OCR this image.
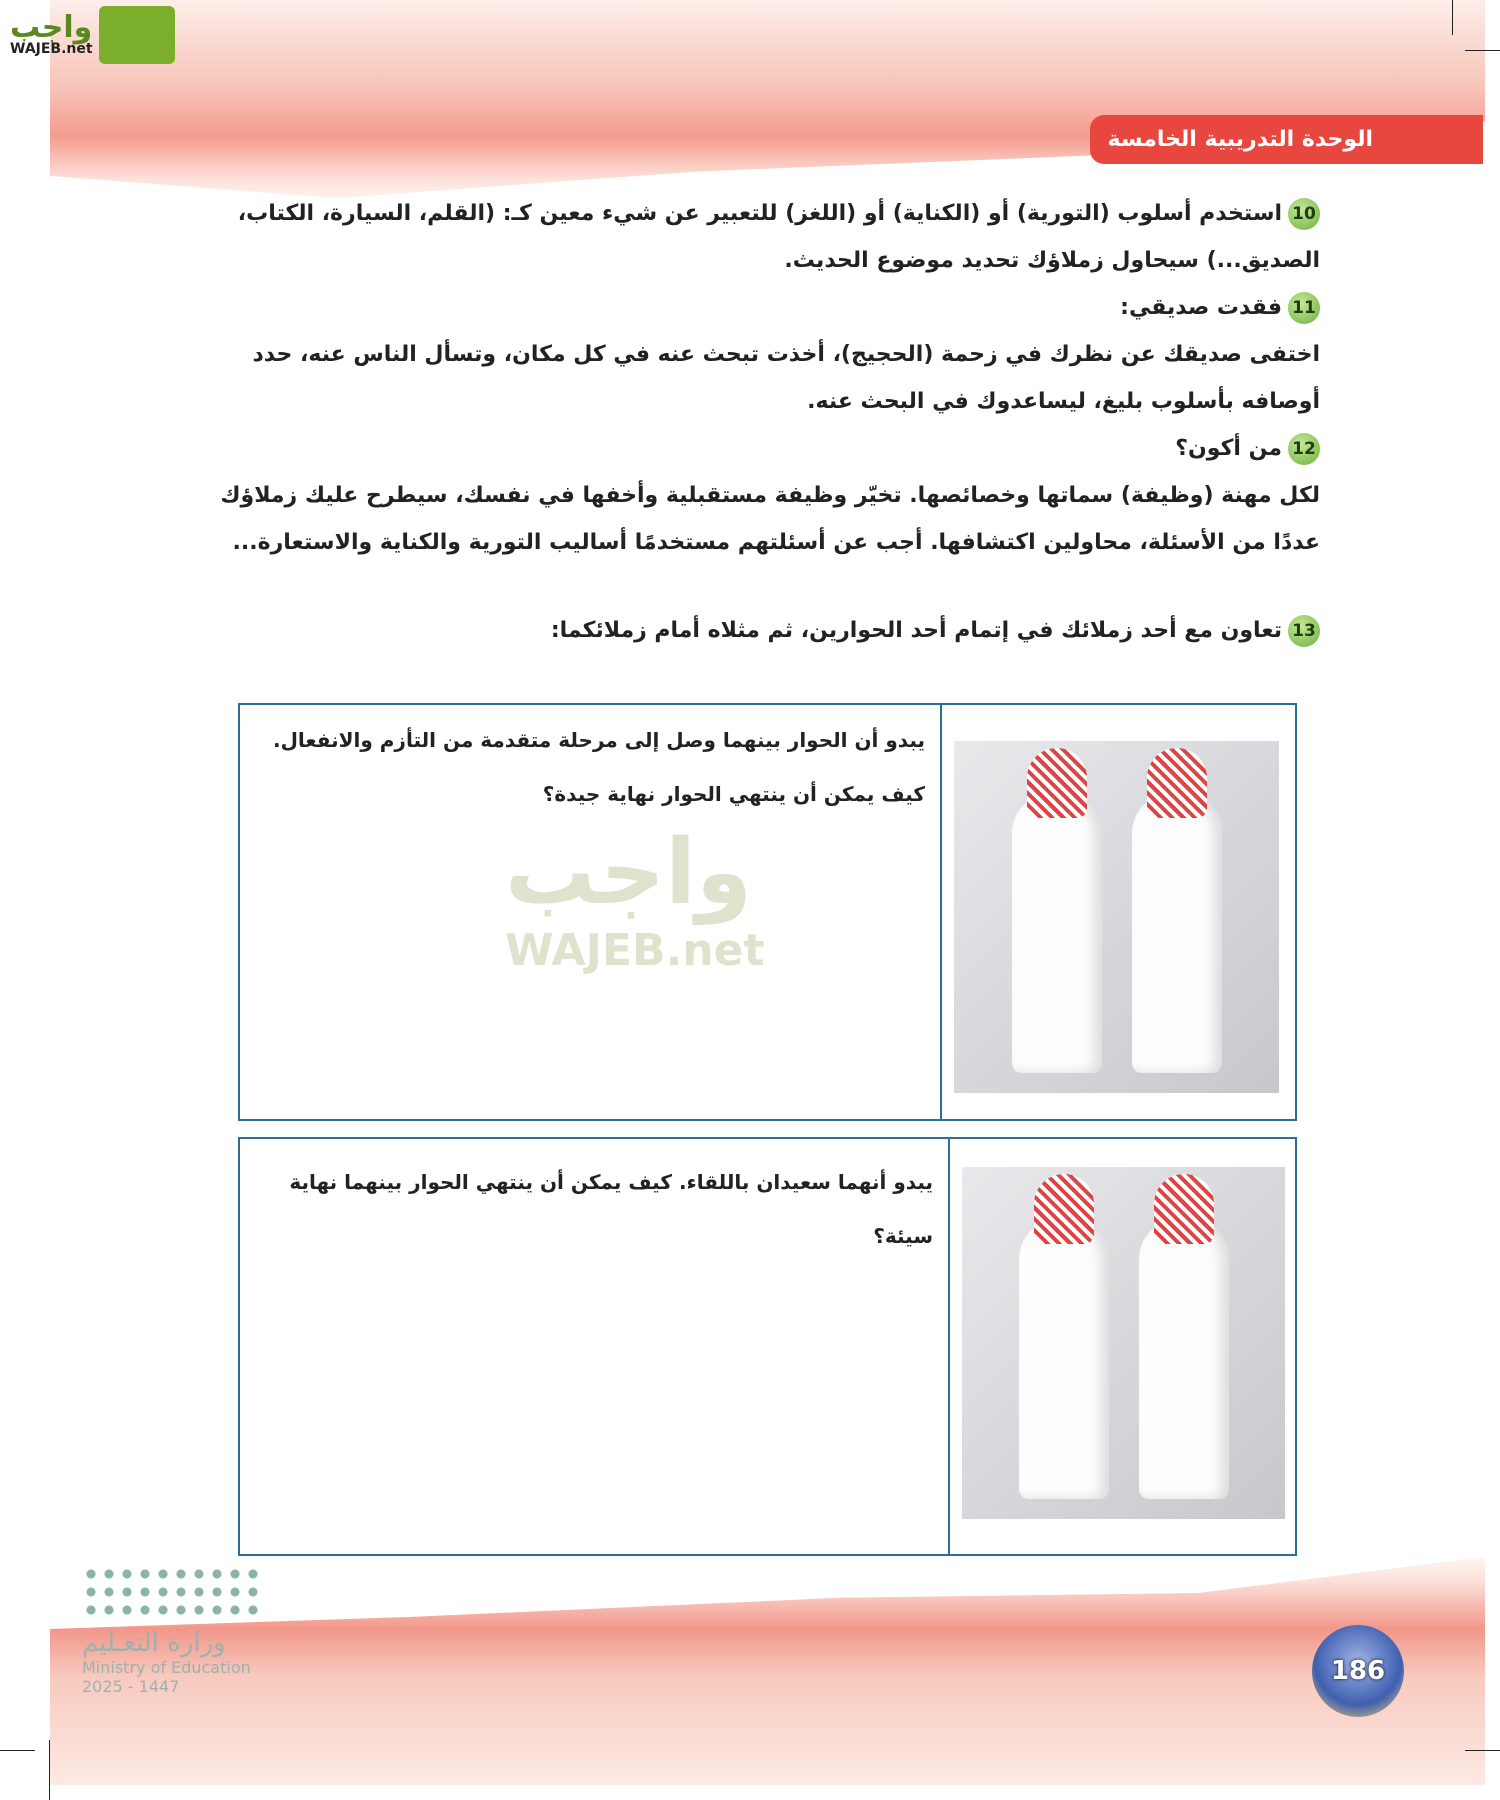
الوحدة التدريبية الخامسة
واجب
WAJEB.net
10استخدم أسلوب (التورية) أو (الكناية) أو (اللغز) للتعبير عن شيء معين كـ: (القلم، السيارة، الكتاب،
الصديق...) سيحاول زملاؤك تحديد موضوع الحديث.
11فقدت صديقي:
اختفى صديقك عن نظرك في زحمة (الحجيج)، أخذت تبحث عنه في كل مكان، وتسأل الناس عنه، حدد
أوصافه بأسلوب بليغ، ليساعدوك في البحث عنه.
12من أكون؟
لكل مهنة (وظيفة) سماتها وخصائصها. تخيّر وظيفة مستقبلية وأخفها في نفسك، سيطرح عليك زملاؤك
عددًا من الأسئلة، محاولين اكتشافها. أجب عن أسئلتهم مستخدمًا أساليب التورية والكناية والاستعارة...
13تعاون مع أحد زملائك في إتمام أحد الحوارين، ثم مثلاه أمام زملائكما:
يبدو أن الحوار بينهما وصل إلى مرحلة متقدمة من التأزم والانفعال.
كيف يمكن أن ينتهي الحوار نهاية جيدة؟
يبدو أنهما سعيدان باللقاء. كيف يمكن أن ينتهي الحوار بينهما نهاية
سيئة؟
واجب
WAJEB.net
وزارة التعـليم
Ministry of Education
2025 - 1447
186
